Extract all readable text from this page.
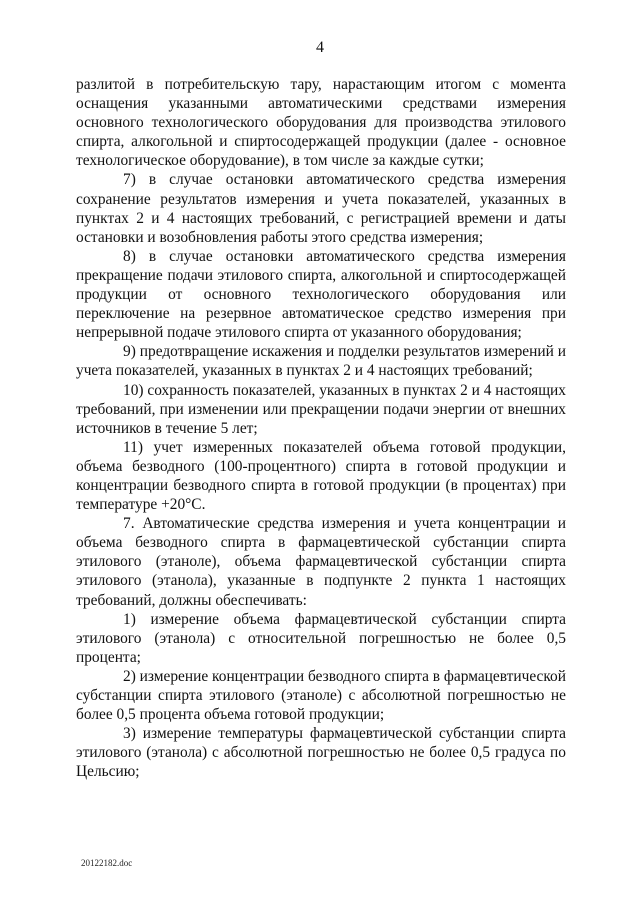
4

разлитой в потребительскую тару, нарастающим итогом с момента оснащения указанными автоматическими средствами измерения основного технологического оборудования для производства этилового спирта, алкогольной и спиртосодержащей продукции (далее - основное технологическое оборудование), в том числе за каждые сутки;

7) в случае остановки автоматического средства измерения сохранение результатов измерения и учета показателей, указанных в пунктах 2 и 4 настоящих требований, с регистрацией времени и даты остановки и возобновления работы этого средства измерения;

8) в случае остановки автоматического средства измерения прекращение подачи этилового спирта, алкогольной и спиртосодержащей продукции от основного технологического оборудования или переключение на резервное автоматическое средство измерения при непрерывной подаче этилового спирта от указанного оборудования;

9) предотвращение искажения и подделки результатов измерений и учета показателей, указанных в пунктах 2 и 4 настоящих требований;

10) сохранность показателей, указанных в пунктах 2 и 4 настоящих требований, при изменении или прекращении подачи энергии от внешних источников в течение 5 лет;

11) учет измеренных показателей объема готовой продукции, объема безводного (100-процентного) спирта в готовой продукции и концентрации безводного спирта в готовой продукции (в процентах) при температуре +20°С.

7. Автоматические средства измерения и учета концентрации и объема безводного спирта в фармацевтической субстанции спирта этилового (этаноле), объема фармацевтической субстанции спирта этилового (этанола), указанные в подпункте 2 пункта 1 настоящих требований, должны обеспечивать:

1) измерение объема фармацевтической субстанции спирта этилового (этанола) с относительной погрешностью не более 0,5 процента;

2) измерение концентрации безводного спирта в фармацевтической субстанции спирта этилового (этаноле) с абсолютной погрешностью не более 0,5 процента объема готовой продукции;

3) измерение температуры фармацевтической субстанции спирта этилового (этанола) с абсолютной погрешностью не более 0,5 градуса по Цельсию;

20122182.doc
